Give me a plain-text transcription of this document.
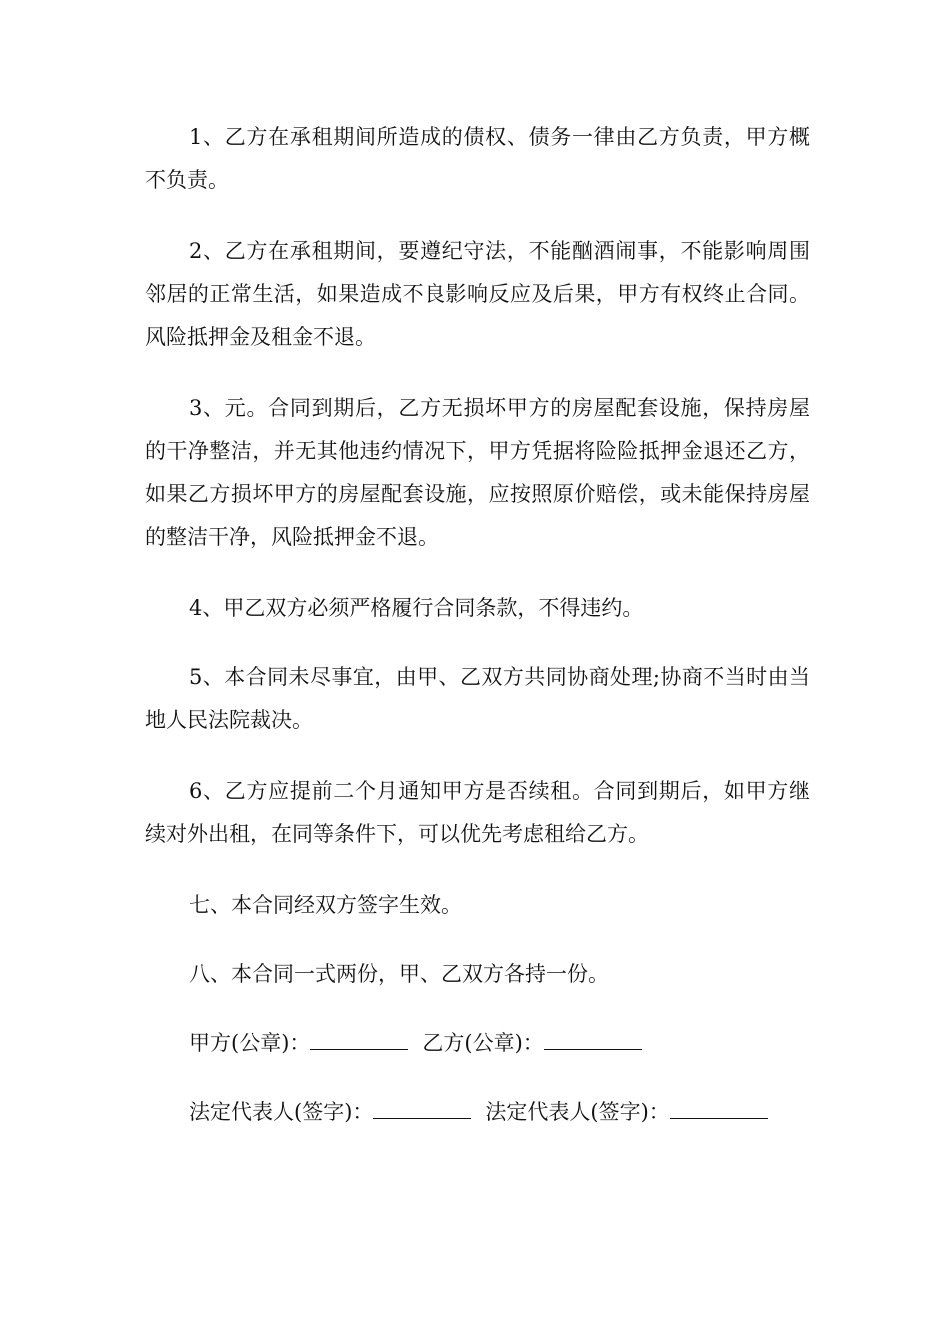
1、乙方在承租期间所造成的债权、债务一律由乙方负责，甲方概不负责。

2、乙方在承租期间，要遵纪守法，不能酗酒闹事，不能影响周围邻居的正常生活，如果造成不良影响反应及后果，甲方有权终止合同。风险抵押金及租金不退。

3、元。合同到期后，乙方无损坏甲方的房屋配套设施，保持房屋的干净整洁，并无其他违约情况下，甲方凭据将险险抵押金退还乙方，如果乙方损坏甲方的房屋配套设施，应按照原价赔偿，或未能保持房屋的整洁干净，风险抵押金不退。

4、甲乙双方必须严格履行合同条款，不得违约。

5、本合同未尽事宜，由甲、乙双方共同协商处理;协商不当时由当地人民法院裁决。

6、乙方应提前二个月通知甲方是否续租。合同到期后，如甲方继续对外出租，在同等条件下，可以优先考虑租给乙方。

七、本合同经双方签字生效。

八、本合同一式两份，甲、乙双方各持一份。

甲方(公章)：	乙方(公章)：
法定代表人(签字)：	法定代表人(签字)：
